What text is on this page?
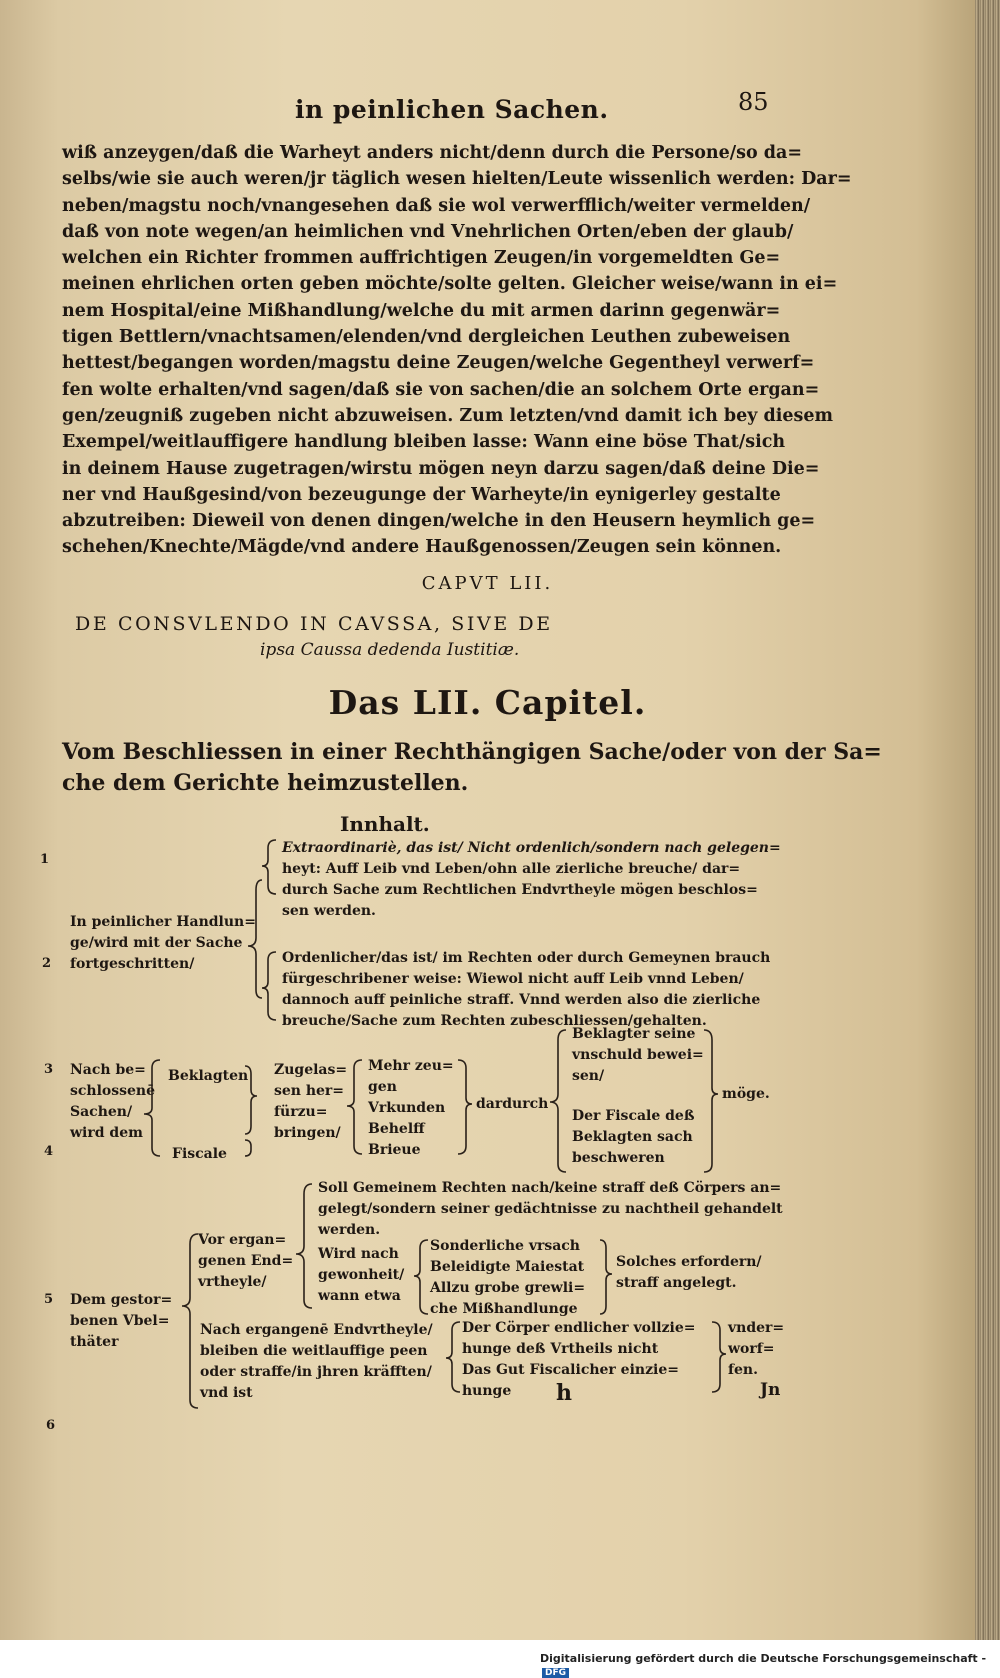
in peinlichen Sachen.	85
wiß anzeygen/daß die Warheyt anders nicht/denn durch die Persone/so da=
selbs/wie sie auch weren/jr täglich wesen hielten/Leute wissenlich werden: Dar=
neben/magstu noch/vnangesehen daß sie wol verwerfflich/weiter vermelden/
daß von note wegen/an heimlichen vnd Vnehrlichen Orten/eben der glaub/
welchen ein Richter frommen auffrichtigen Zeugen/in vorgemeldten Ge=
meinen ehrlichen orten geben möchte/solte gelten. Gleicher weise/wann in ei=
nem Hospital/eine Mißhandlung/welche du mit armen darinn gegenwär=
tigen Bettlern/vnachtsamen/elenden/vnd dergleichen Leuthen zubeweisen
hettest/begangen worden/magstu deine Zeugen/welche Gegentheyl verwerf=
fen wolte erhalten/vnd sagen/daß sie von sachen/die an solchem Orte ergan=
gen/zeugniß zugeben nicht abzuweisen. Zum letzten/vnd damit ich bey diesem
Exempel/weitlauffigere handlung bleiben lasse: Wann eine böse That/sich
in deinem Hause zugetragen/wirstu mögen neyn darzu sagen/daß deine Die=
ner vnd Haußgesind/von bezeugunge der Warheyte/in eynigerley gestalte
abzutreiben: Dieweil von denen dingen/welche in den Heusern heymlich ge=
schehen/Knechte/Mägde/vnd andere Haußgenossen/Zeugen sein können.
CAPVT LII.
DE CONSVLENDO IN CAVSSA, SIVE DE
ipsa Caussa dedenda Iustitiæ.
Das LII. Capitel.
Vom Beschliessen in einer Rechthängigen Sache/oder von der Sa=
che dem Gerichte heimzustellen.
Innhalt.
1
2
3
4
5
6
In peinlicher Handlun=
ge/wird mit der Sache
fortgeschritten/
Extraordinariè, das ist/ Nicht ordenlich/sondern nach gelegen=
heyt: Auff Leib vnd Leben/ohn alle zierliche breuche/ dar=
durch Sache zum Rechtlichen Endvrtheyle mögen beschlos=
sen werden.
Ordenlicher/das ist/ im Rechten oder durch Gemeynen brauch
fürgeschribener weise: Wiewol nicht auff Leib vnnd Leben/
dannoch auff peinliche straff. Vnnd werden also die zierliche
breuche/Sache zum Rechten zubeschliessen/gehalten.
Nach be=
schlossenē
Sachen/
wird dem
Beklagten
Fiscale
Zugelas=
sen her=
fürzu=
bringen/
Mehr zeu=
gen
Vrkunden
Behelff
Brieue
dardurch
Beklagter seine
vnschuld bewei=
sen/
Der Fiscale deß
Beklagten sach
beschweren
möge.
Dem gestor=
benen Vbel=
thäter
Vor ergan=
genen End=
vrtheyle/
Soll Gemeinem Rechten nach/keine straff deß Cörpers an=
gelegt/sondern seiner gedächtnisse zu nachtheil gehandelt
werden.
Wird nach
gewonheit/
wann etwa
Sonderliche vrsach
Beleidigte Maiestat
Allzu grobe grewli=
che Mißhandlunge
Solches erfordern/
straff angelegt.
Nach ergangenē Endvrtheyle/
bleiben die weitlauffige peen
oder straffe/in jhren kräfften/
vnd ist
Der Cörper endlicher vollzie=
hunge deß Vrtheils nicht
Das Gut Fiscalicher einzie=
hunge
vnder=
worf=
fen.
h	Jn
Digitalisierung gefördert durch die Deutsche Forschungsgemeinschaft -DFG
